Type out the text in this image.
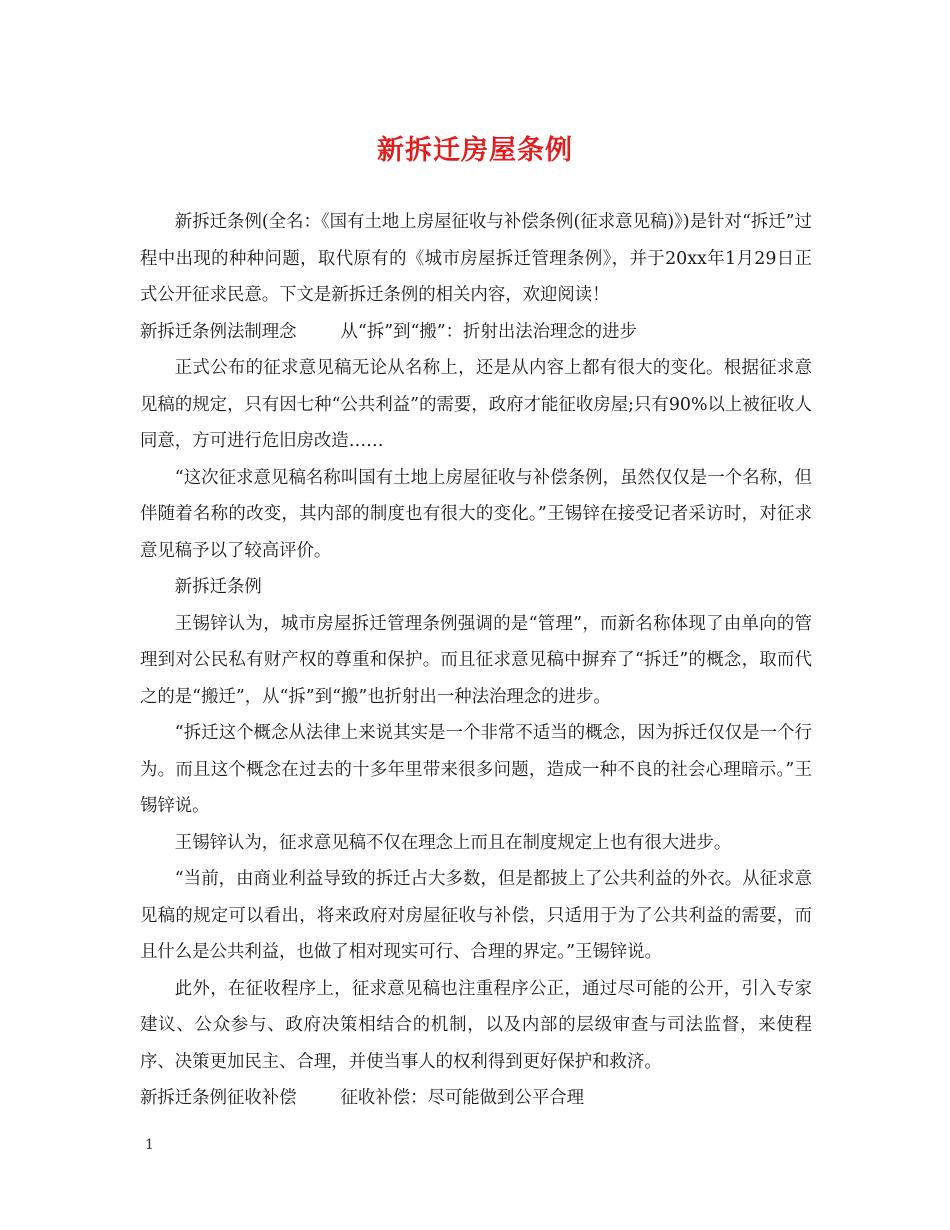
新拆迁房屋条例

新拆迁条例(全名：《国有土地上房屋征收与补偿条例(征求意见稿)》)是针对“拆迁”过程中出现的种种问题，取代原有的《城市房屋拆迁管理条例》，并于20xx年1月29日正式公开征求民意。下文是新拆迁条例的相关内容，欢迎阅读！

新拆迁条例法制理念	从“拆”到“搬”：折射出法治理念的进步

正式公布的征求意见稿无论从名称上，还是从内容上都有很大的变化。根据征求意见稿的规定，只有因七种“公共利益”的需要，政府才能征收房屋;只有90%以上被征收人同意，方可进行危旧房改造……

“这次征求意见稿名称叫国有土地上房屋征收与补偿条例，虽然仅仅是一个名称，但伴随着名称的改变，其内部的制度也有很大的变化。”王锡锌在接受记者采访时，对征求意见稿予以了较高评价。

新拆迁条例

王锡锌认为，城市房屋拆迁管理条例强调的是“管理”，而新名称体现了由单向的管理到对公民私有财产权的尊重和保护。而且征求意见稿中摒弃了“拆迁”的概念，取而代之的是“搬迁”，从“拆”到“搬”也折射出一种法治理念的进步。

“拆迁这个概念从法律上来说其实是一个非常不适当的概念，因为拆迁仅仅是一个行为。而且这个概念在过去的十多年里带来很多问题，造成一种不良的社会心理暗示。”王锡锌说。

王锡锌认为，征求意见稿不仅在理念上而且在制度规定上也有很大进步。

“当前，由商业利益导致的拆迁占大多数，但是都披上了公共利益的外衣。从征求意见稿的规定可以看出，将来政府对房屋征收与补偿，只适用于为了公共利益的需要，而且什么是公共利益，也做了相对现实可行、合理的界定。”王锡锌说。

此外，在征收程序上，征求意见稿也注重程序公正，通过尽可能的公开，引入专家建议、公众参与、政府决策相结合的机制，以及内部的层级审查与司法监督，来使程序、决策更加民主、合理，并使当事人的权利得到更好保护和救济。

新拆迁条例征收补偿	征收补偿：尽可能做到公平合理

1
